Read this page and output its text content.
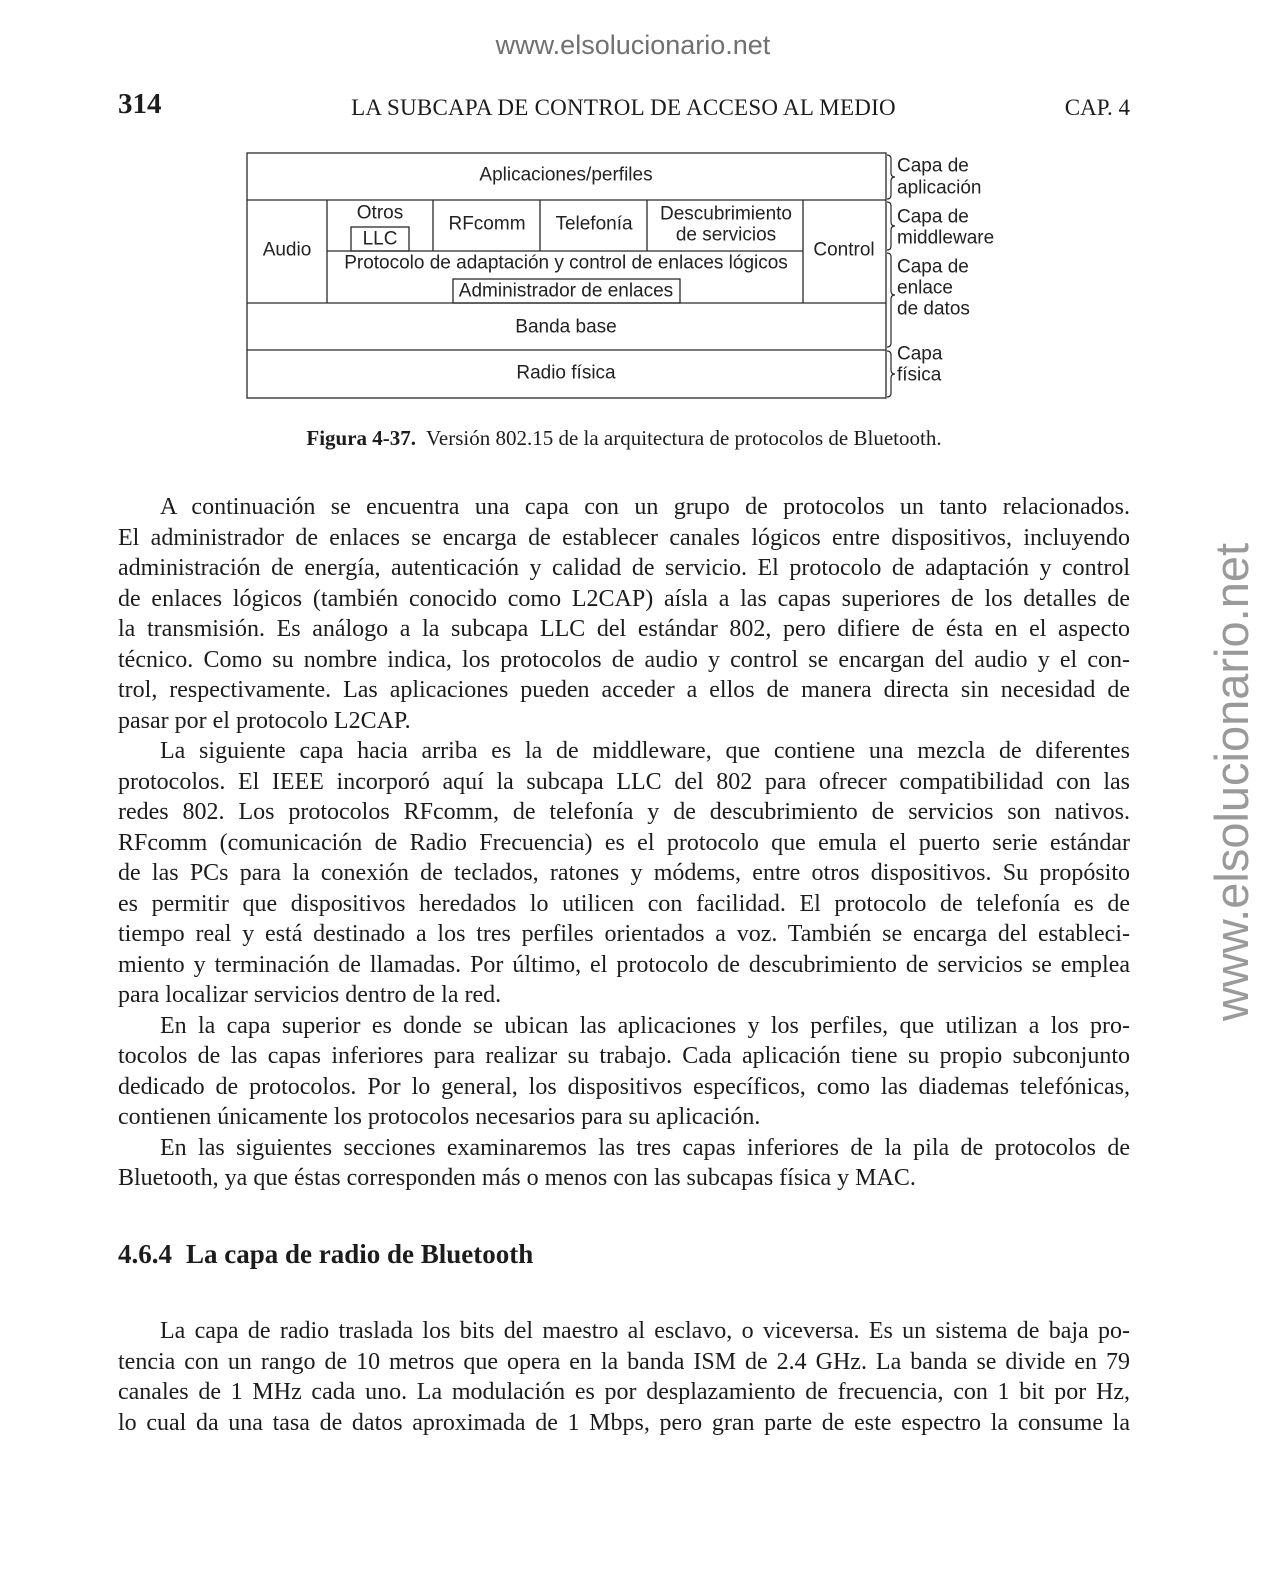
www.elsolucionario.net
www.elsolucionario.net
314	LA SUBCAPA DE CONTROL DE ACCESO AL MEDIO	CAP. 4
Aplicaciones/perfiles
Otros
LLC
RFcomm Telefonía Descubrimiento
de servicios
Audio	Control
Protocolo de adaptación y control de enlaces lógicos
Administrador de enlaces
Banda base
Radio física
Capa de
aplicación
Capa de
middleware
Capa de
enlace
de datos
Capa
física
Figura 4-37. Versión 802.15 de la arquitectura de protocolos de Bluetooth.
A continuación se encuentra una capa con un grupo de protocolos un tanto relacionados.
El administrador de enlaces se encarga de establecer canales lógicos entre dispositivos, incluyendo
administración de energía, autenticación y calidad de servicio. El protocolo de adaptación y control
de enlaces lógicos (también conocido como L2CAP) aísla a las capas superiores de los detalles de
la transmisión. Es análogo a la subcapa LLC del estándar 802, pero difiere de ésta en el aspecto
técnico. Como su nombre indica, los protocolos de audio y control se encargan del audio y el con-
trol, respectivamente. Las aplicaciones pueden acceder a ellos de manera directa sin necesidad de
pasar por el protocolo L2CAP.
La siguiente capa hacia arriba es la de middleware, que contiene una mezcla de diferentes
protocolos. El IEEE incorporó aquí la subcapa LLC del 802 para ofrecer compatibilidad con las
redes 802. Los protocolos RFcomm, de telefonía y de descubrimiento de servicios son nativos.
RFcomm (comunicación de Radio Frecuencia) es el protocolo que emula el puerto serie estándar
de las PCs para la conexión de teclados, ratones y módems, entre otros dispositivos. Su propósito
es permitir que dispositivos heredados lo utilicen con facilidad. El protocolo de telefonía es de
tiempo real y está destinado a los tres perfiles orientados a voz. También se encarga del estableci-
miento y terminación de llamadas. Por último, el protocolo de descubrimiento de servicios se emplea
para localizar servicios dentro de la red.
En la capa superior es donde se ubican las aplicaciones y los perfiles, que utilizan a los pro-
tocolos de las capas inferiores para realizar su trabajo. Cada aplicación tiene su propio subconjunto
dedicado de protocolos. Por lo general, los dispositivos específicos, como las diademas telefónicas,
contienen únicamente los protocolos necesarios para su aplicación.
En las siguientes secciones examinaremos las tres capas inferiores de la pila de protocolos de
Bluetooth, ya que éstas corresponden más o menos con las subcapas física y MAC.
4.6.4 La capa de radio de Bluetooth
La capa de radio traslada los bits del maestro al esclavo, o viceversa. Es un sistema de baja po-
tencia con un rango de 10 metros que opera en la banda ISM de 2.4 GHz. La banda se divide en 79
canales de 1 MHz cada uno. La modulación es por desplazamiento de frecuencia, con 1 bit por Hz,
lo cual da una tasa de datos aproximada de 1 Mbps, pero gran parte de este espectro la consume la
